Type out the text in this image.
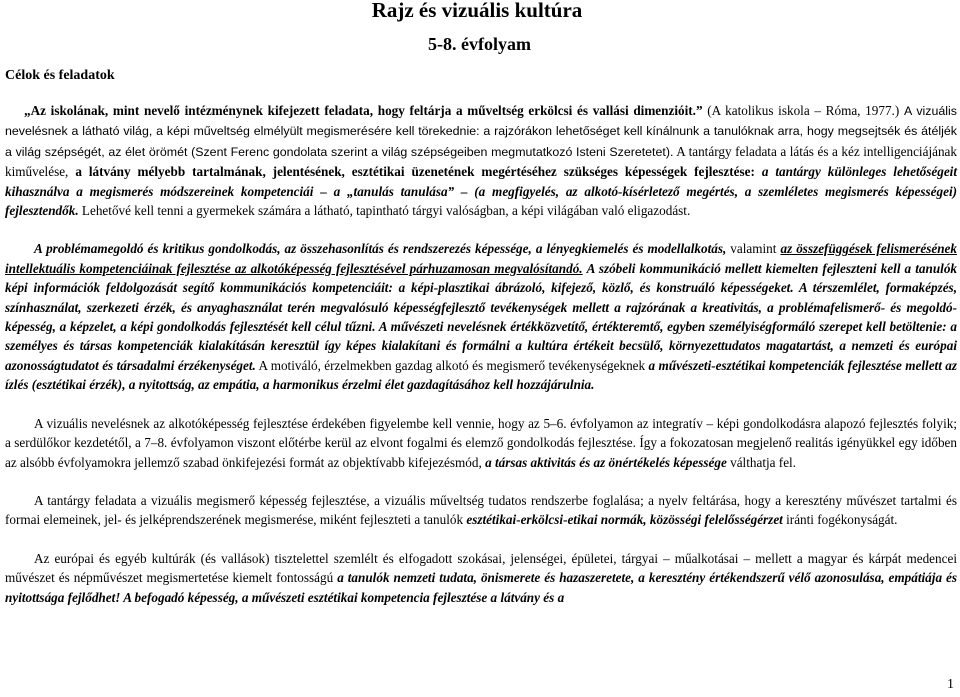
Rajz és vizuális kultúra
5-8. évfolyam
Célok és feladatok

„Az iskolának, mint nevelő intézménynek kifejezett feladata, hogy feltárja a műveltség erkölcsi és vallási dimenzióit.” (A katolikus iskola – Róma, 1977.) A vizuális nevelésnek a látható világ, a képi műveltség elmélyült megismerésére kell törekednie: a rajzórákon lehetőséget kell kínálnunk a tanulóknak arra, hogy megsejtsék és átéljék a világ szépségét, az élet örömét (Szent Ferenc gondolata szerint a világ szépségeiben megmutatkozó Isteni Szeretetet). A tantárgy feladata a látás és a kéz intelligenciájának kiművelése, a látvány mélyebb tartalmának, jelentésének, esztétikai üzenetének megértéséhez szükséges képességek fejlesztése: a tantárgy különleges lehetőségeit kihasználva a megismerés módszereinek kompetenciái – a „tanulás tanulása” – (a megfigyelés, az alkotó-kísérletező megértés, a szemléletes megismerés képességei) fejlesztendők. Lehetővé kell tenni a gyermekek számára a látható, tapintható tárgyi valóságban, a képi világában való eligazodást.

A problémamegoldó és kritikus gondolkodás, az összehasonlítás és rendszerezés képessége, a lényegkiemelés és modellalkotás, valamint az összefüggések felismerésének intellektuális kompetenciáinak fejlesztése az alkotóképesség fejlesztésével párhuzamosan megvalósítandó. A szóbeli kommunikáció mellett kiemelten fejleszteni kell a tanulók képi információk feldolgozását segítő kommunikációs kompetenciáit: a képi-plasztikai ábrázoló, kifejező, közlő, és konstruáló képességeket. A térszemlélet, formaképzés, színhasználat, szerkezeti érzék, és anyaghasználat terén megvalósuló képességfejlesztő tevékenységek mellett a rajzórának a kreativitás, a problémafelismerő- és megoldó-képesség, a képzelet, a képi gondolkodás fejlesztését kell célul tűzni. A művészeti nevelésnek értékközvetítő, értékteremtő, egyben személyiségformáló szerepet kell betöltenie: a személyes és társas kompetenciák kialakításán keresztül így képes kialakítani és formálni a kultúra értékeit becsülő, környezettudatos magatartást, a nemzeti és európai azonosságtudatot és társadalmi érzékenységet. A motiváló, érzelmekben gazdag alkotó és megismerő tevékenységeknek a művészeti-esztétikai kompetenciák fejlesztése mellett az ízlés (esztétikai érzék), a nyitottság, az empátia, a harmonikus érzelmi élet gazdagításához kell hozzájárulnia.

A vizuális nevelésnek az alkotóképesség fejlesztése érdekében figyelembe kell vennie, hogy az 5–6. évfolyamon az integratív – képi gondolkodásra alapozó fejlesztés folyik; a serdülőkor kezdetétől, a 7–8. évfolyamon viszont előtérbe kerül az elvont fogalmi és elemző gondolkodás fejlesztése. Így a fokozatosan megjelenő realitás igényükkel egy időben az alsóbb évfolyamokra jellemző szabad önkifejezési formát az objektívabb kifejezésmód, a társas aktivitás és az önértékelés képessége válthatja fel.

A tantárgy feladata a vizuális megismerő képesség fejlesztése, a vizuális műveltség tudatos rendszerbe foglalása; a nyelv feltárása, hogy a keresztény művészet tartalmi és formai elemeinek, jel- és jelképrendszerének megismerése, miként fejleszteti a tanulók esztétikai-erkölcsi-etikai normák, közösségi felelősségérzet iránti fogékonyságát.

Az európai és egyéb kultúrák (és vallások) tisztelettel szemlélt és elfogadott szokásai, jelenségei, épületei, tárgyai – műalkotásai – mellett a magyar és kárpát medencei művészet és népművészet megismertetése kiemelt fontosságú a tanulók nemzeti tudata, önismerete és hazaszeretete, a keresztény értékendszerű vélő azonosulása, empátiája és nyitottsága fejlődhet! A befogadó képesség, a művészeti esztétikai kompetencia fejlesztése a látvány és a

1
